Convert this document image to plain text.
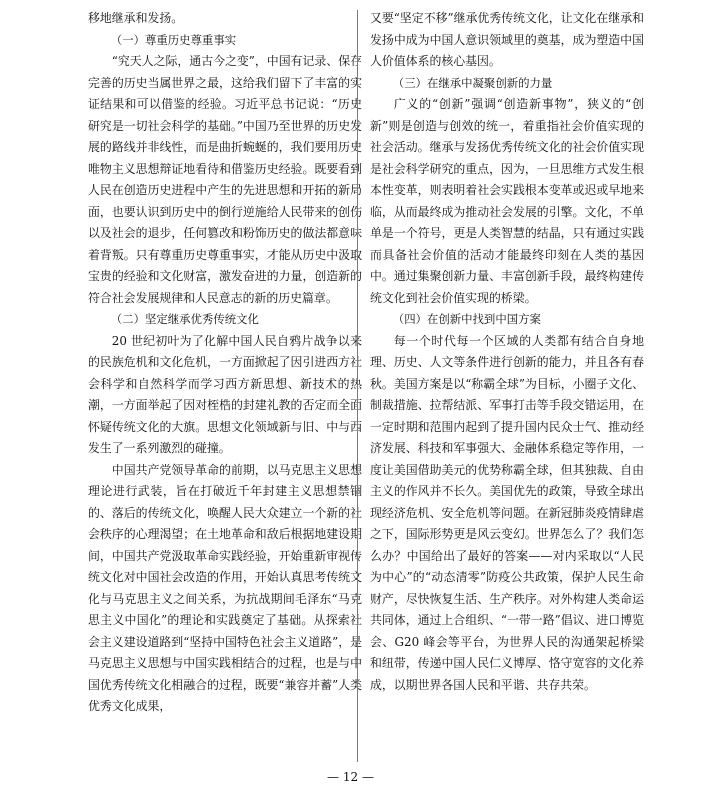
移地继承和发扬。

（一）尊重历史尊重事实

“究天人之际，通古今之变”，中国有记录、保存完善的历史当属世界之最，这给我们留下了丰富的实证结果和可以借鉴的经验。习近平总书记说：“历史研究是一切社会科学的基础。”中国乃至世界的历史发展的路线并非线性，而是曲折蜿蜒的，我们要用历史唯物主义思想辩证地看待和借鉴历史经验。既要看到人民在创造历史进程中产生的先进思想和开拓的新局面，也要认识到历史中的倒行逆施给人民带来的创伤以及社会的退步，任何篡改和粉饰历史的做法都意味着背叛。只有尊重历史尊重事实，才能从历史中汲取宝贵的经验和文化财富，激发奋进的力量，创造新的符合社会发展规律和人民意志的新的历史篇章。

（二）坚定继承优秀传统文化

20 世纪初叶为了化解中国人民自鸦片战争以来的民族危机和文化危机，一方面掀起了因引进西方社会科学和自然科学而学习西方新思想、新技术的热潮，一方面举起了因对桎梏的封建礼教的否定而全面怀疑传统文化的大旗。思想文化领域新与旧、中与西发生了一系列激烈的碰撞。

中国共产党领导革命的前期，以马克思主义思想理论进行武装，旨在打破近千年封建主义思想禁锢的、落后的传统文化，唤醒人民大众建立一个新的社会秩序的心理渴望；在土地革命和敌后根据地建设期间，中国共产党汲取革命实践经验，开始重新审视传统文化对中国社会改造的作用，开始认真思考传统文化与马克思主义之间关系，为抗战期间毛泽东“马克思主义中国化”的理论和实践奠定了基础。从探索社会主义建设道路到“坚持中国特色社会主义道路”，是马克思主义思想与中国实践相结合的过程，也是与中国优秀传统文化相融合的过程，既要“兼容并蓄”人类优秀文化成果，

又要“坚定不移”继承优秀传统文化，让文化在继承和发扬中成为中国人意识领域里的奠基，成为塑造中国人价值体系的核心基因。

（三）在继承中凝聚创新的力量

广义的“创新”强调“创造新事物”，狭义的“创新”则是创造与创效的统一，着重指社会价值实现的社会活动。继承与发扬优秀传统文化的社会价值实现是社会科学研究的重点，因为，一旦思维方式发生根本性变革，则表明着社会实践根本变革或迟或早地来临，从而最终成为推动社会发展的引擎。文化，不单单是一个符号，更是人类智慧的结晶，只有通过实践而具备社会价值的活动才能最终印刻在人类的基因中。通过集聚创新力量、丰富创新手段，最终构建传统文化到社会价值实现的桥梁。

（四）在创新中找到中国方案

每一个时代每一个区域的人类都有结合自身地理、历史、人文等条件进行创新的能力，并且各有春秋。美国方案是以“称霸全球”为目标，小圈子文化、制裁措施、拉帮结派、军事打击等手段交错运用，在一定时期和范围内起到了提升国内民众士气、推动经济发展、科技和军事强大、金融体系稳定等作用，一度让美国借助美元的优势称霸全球，但其独裁、自由主义的作风并不长久。美国优先的政策，导致全球出现经济危机、安全危机等问题。在新冠肺炎疫情肆虐之下，国际形势更是风云变幻。世界怎么了？我们怎么办？中国给出了最好的答案——对内采取以“人民为中心”的“动态清零”防疫公共政策，保护人民生命财产，尽快恢复生活、生产秩序。对外构建人类命运共同体，通过上合组织、“一带一路”倡议、进口博览会、G20 峰会等平台，为世界人民的沟通架起桥梁和纽带，传递中国人民仁义博厚、恪守宽容的文化养成，以期世界各国人民和平谐、共存共荣。

— 12 —
